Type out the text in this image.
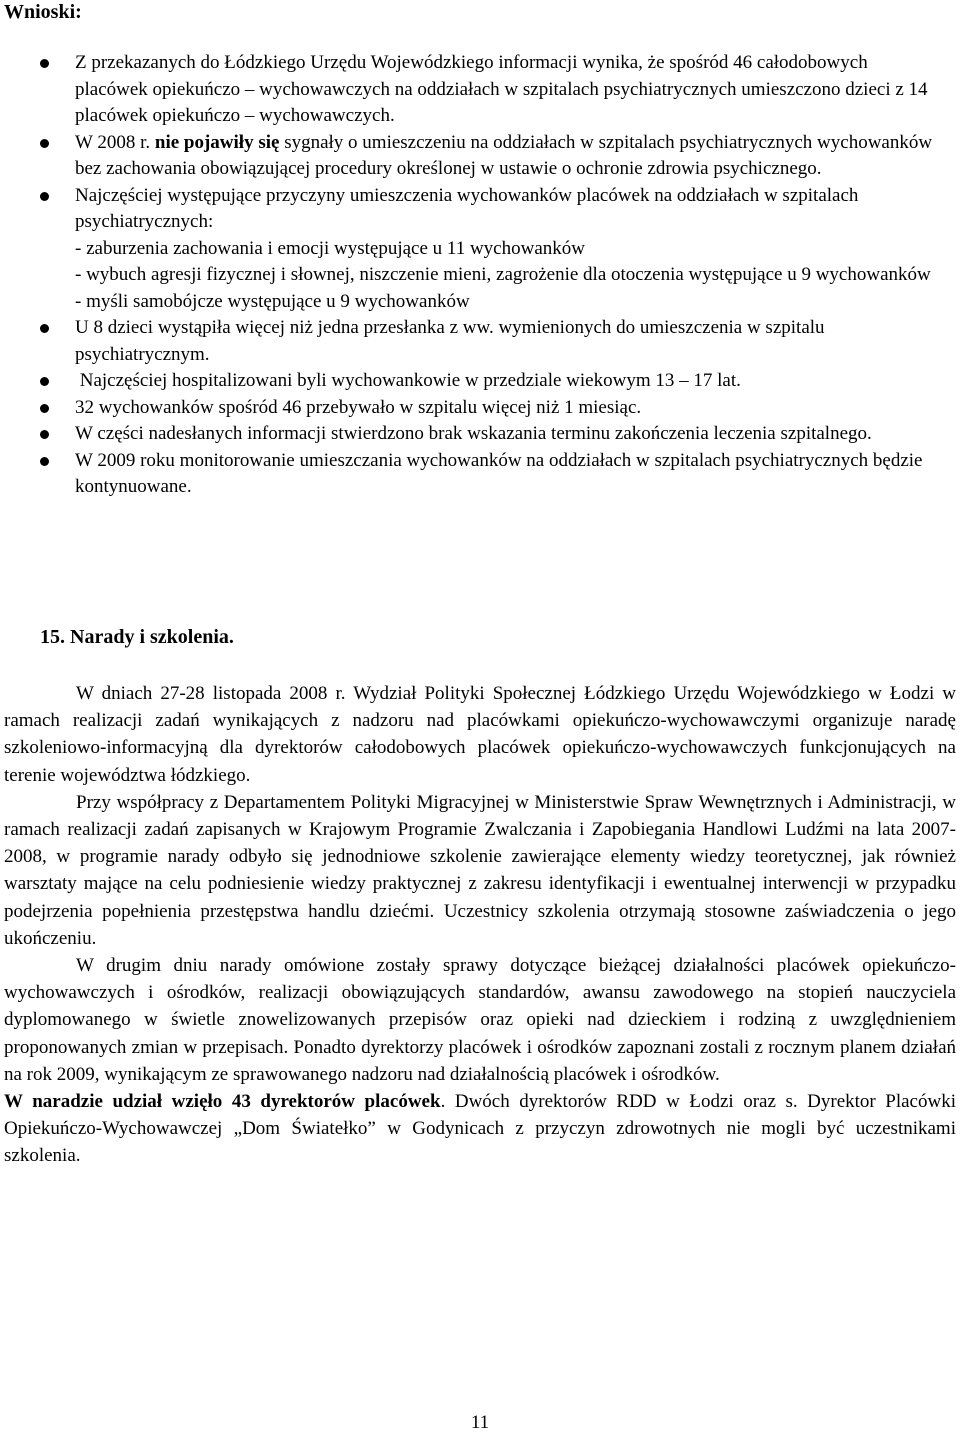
Wnioski:
Z przekazanych do Łódzkiego Urzędu Wojewódzkiego informacji wynika, że spośród 46 całodobowych placówek opiekuńczo – wychowawczych na oddziałach w szpitalach psychiatrycznych umieszczono dzieci z 14 placówek opiekuńczo – wychowawczych.
W 2008 r. nie pojawiły się sygnały o umieszczeniu na oddziałach w szpitalach psychiatrycznych wychowanków bez zachowania obowiązującej procedury określonej w ustawie o ochronie zdrowia psychicznego.
Najczęściej występujące przyczyny umieszczenia wychowanków placówek na oddziałach w szpitalach psychiatrycznych:
- zaburzenia zachowania i emocji występujące u 11 wychowanków
- wybuch agresji fizycznej i słownej, niszczenie mieni, zagrożenie dla otoczenia występujące u 9 wychowanków
- myśli samobójcze występujące u 9 wychowanków
U 8 dzieci wystąpiła więcej niż jedna przesłanka z ww. wymienionych do umieszczenia w szpitalu psychiatrycznym.
Najczęściej hospitalizowani byli wychowankowie w przedziale wiekowym 13 – 17 lat.
32 wychowanków spośród 46 przebywało w szpitalu więcej niż 1 miesiąc.
W części nadesłanych informacji stwierdzono brak wskazania terminu zakończenia leczenia szpitalnego.
W 2009 roku monitorowanie umieszczania wychowanków na oddziałach w szpitalach psychiatrycznych będzie kontynuowane.
15. Narady i szkolenia.

W dniach 27-28 listopada 2008 r. Wydział Polityki Społecznej Łódzkiego Urzędu Wojewódzkiego w Łodzi w ramach realizacji zadań wynikających z nadzoru nad placówkami opiekuńczo-wychowawczymi organizuje naradę szkoleniowo-informacyjną dla dyrektorów całodobowych placówek opiekuńczo-wychowawczych funkcjonujących na terenie województwa łódzkiego.

Przy współpracy z Departamentem Polityki Migracyjnej w Ministerstwie Spraw Wewnętrznych i Administracji, w ramach realizacji zadań zapisanych w Krajowym Programie Zwalczania i Zapobiegania Handlowi Ludźmi na lata 2007-2008, w programie narady odbyło się jednodniowe szkolenie zawierające elementy wiedzy teoretycznej, jak również warsztaty mające na celu podniesienie wiedzy praktycznej z zakresu identyfikacji i ewentualnej interwencji w przypadku podejrzenia popełnienia przestępstwa handlu dziećmi. Uczestnicy szkolenia otrzymają stosowne zaświadczenia o jego ukończeniu.

W drugim dniu narady omówione zostały sprawy dotyczące bieżącej działalności placówek opiekuńczo-wychowawczych i ośrodków, realizacji obowiązujących standardów, awansu zawodowego na stopień nauczyciela dyplomowanego w świetle znowelizowanych przepisów oraz opieki nad dzieckiem i rodziną z uwzględnieniem proponowanych zmian w przepisach. Ponadto dyrektorzy placówek i ośrodków zapoznani zostali z rocznym planem działań na rok 2009, wynikającym ze sprawowanego nadzoru nad działalnością placówek i ośrodków.

W naradzie udział wzięło 43 dyrektorów placówek. Dwóch dyrektorów RDD w Łodzi oraz s. Dyrektor Placówki Opiekuńczo-Wychowawczej „Dom Światełko” w Godynicach z przyczyn zdrowotnych nie mogli być uczestnikami szkolenia.

11
